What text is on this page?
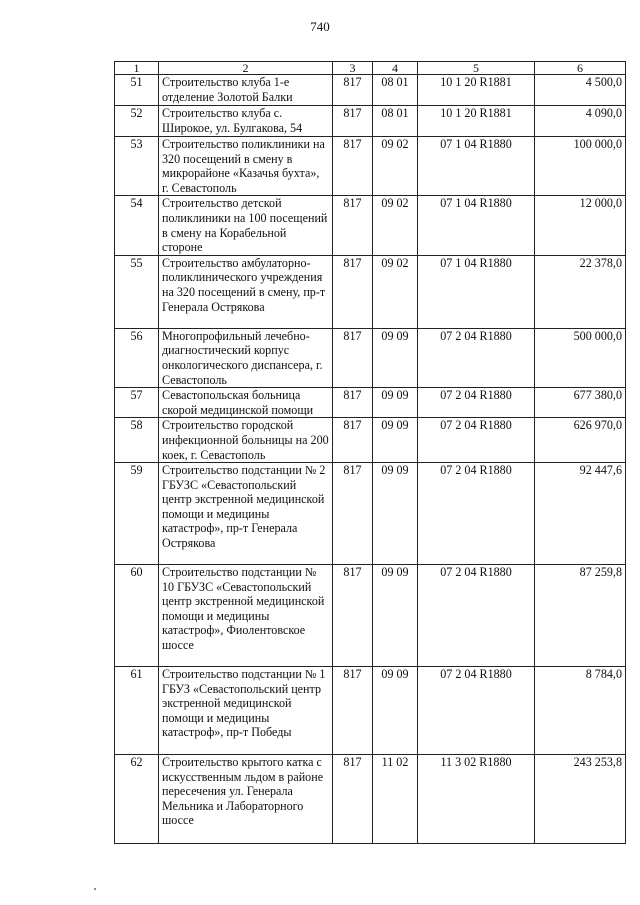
740
1	2	3	4	5	6
51	Строительство клуба 1-е отделение Золотой Балки	817	08 01	10 1 20 R1881	4 500,0
52	Строительство клуба с. Широкое, ул. Булгакова, 54	817	08 01	10 1 20 R1881	4 090,0
53	Строительство поликлиники на 320 посещений в смену в микрорайоне «Казачья бухта», г. Севастополь	817	09 02	07 1 04 R1880	100 000,0
54	Строительство детской поликлиники на 100 посещений в смену на Корабельной стороне	817	09 02	07 1 04 R1880	12 000,0
55	Строительство амбулаторно-поликлинического учреждения на 320 посещений в смену, пр-т Генерала Острякова	817	09 02	07 1 04 R1880	22 378,0
56	Многопрофильный лечебно-диагностический корпус онкологического диспансера, г. Севастополь	817	09 09	07 2 04 R1880	500 000,0
57	Севастопольская больница скорой медицинской помощи	817	09 09	07 2 04 R1880	677 380,0
58	Строительство городской инфекционной больницы на 200 коек, г. Севастополь	817	09 09	07 2 04 R1880	626 970,0
59	Строительство подстанции № 2 ГБУЗС «Севастопольский центр экстренной медицинской помощи и медицины катастроф», пр-т Генерала Острякова	817	09 09	07 2 04 R1880	92 447,6
60	Строительство подстанции № 10 ГБУЗС «Севастопольский центр экстренной медицинской помощи и медицины катастроф», Фиолентовское шоссе	817	09 09	07 2 04 R1880	87 259,8
61	Строительство подстанции № 1 ГБУЗ «Севастопольский центр экстренной медицинской помощи и медицины катастроф», пр-т Победы	817	09 09	07 2 04 R1880	8 784,0
62	Строительство крытого катка с искусственным льдом в районе пересечения ул. Генерала Мельника и Лабораторного шоссе	817	11 02	11 3 02 R1880	243 253,8
